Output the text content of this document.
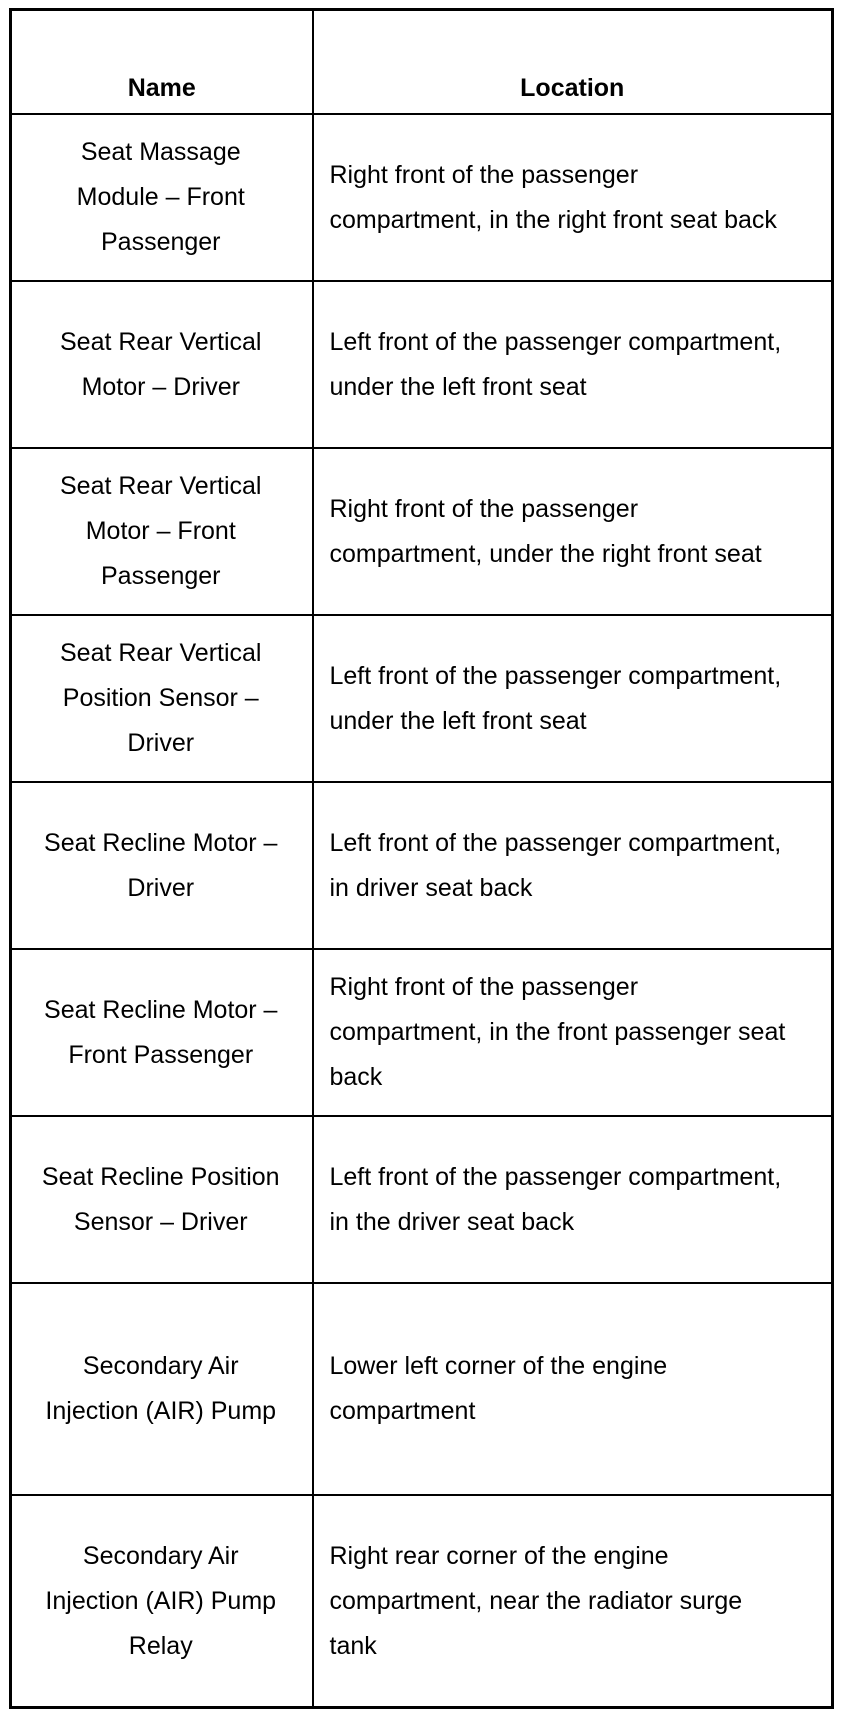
Name	Location
Seat Massage Module – Front Passenger	Right front of the passenger compartment, in the right front seat back
Seat Rear Vertical Motor – Driver	Left front of the passenger compartment, under the left front seat
Seat Rear Vertical Motor – Front Passenger	Right front of the passenger compartment, under the right front seat
Seat Rear Vertical Position Sensor – Driver	Left front of the passenger compartment, under the left front seat
Seat Recline Motor – Driver	Left front of the passenger compartment, in driver seat back
Seat Recline Motor – Front Passenger	Right front of the passenger compartment, in the front passenger seat back
Seat Recline Position Sensor – Driver	Left front of the passenger compartment, in the driver seat back
Secondary Air Injection (AIR) Pump	Lower left corner of the engine compartment
Secondary Air Injection (AIR) Pump Relay	Right rear corner of the engine compartment, near the radiator surge tank
